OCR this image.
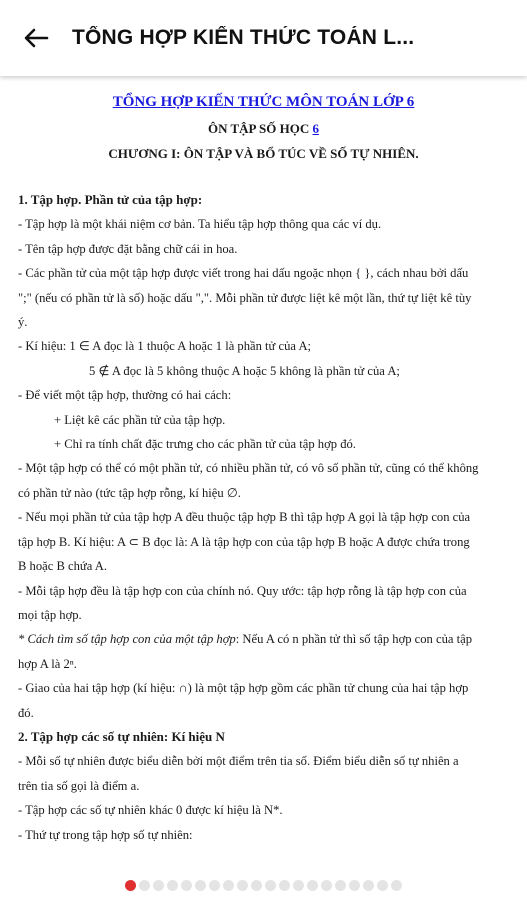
TỔNG HỢP KIẾN THỨC TOÁN L...
TỔNG HỢP KIẾN THỨC MÔN TOÁN LỚP 6
ÔN TẬP SỐ HỌC 6
CHƯƠNG I: ÔN TẬP VÀ BỔ TÚC VỀ SỐ TỰ NHIÊN.
1. Tập hợp. Phần tử của tập hợp:
- Tập hợp là một khái niệm cơ bản. Ta hiểu tập hợp thông qua các ví dụ.
- Tên tập hợp được đặt bằng chữ cái in hoa.
- Các phần tử của một tập hợp được viết trong hai dấu ngoặc nhọn { }, cách nhau bởi dấu
";" (nếu có phần tử là số) hoặc dấu ",". Mỗi phần tử được liệt kê một lần, thứ tự liệt kê tùy
ý.
- Kí hiệu: 1 ∈ A đọc là 1 thuộc A hoặc 1 là phần tử của A;
5 ∉ A đọc là 5 không thuộc A hoặc 5 không là phần tử của A;
- Để viết một tập hợp, thường có hai cách:
+ Liệt kê các phần tử của tập hợp.
+ Chỉ ra tính chất đặc trưng cho các phần tử của tập hợp đó.
- Một tập hợp có thể có một phần tử, có nhiều phần tử, có vô số phần tử, cũng có thể không
có phần tử nào (tức tập hợp rỗng, kí hiệu ∅.
- Nếu mọi phần tử của tập hợp A đều thuộc tập hợp B thì tập hợp A gọi là tập hợp con của
tập hợp B. Kí hiệu: A ⊂ B đọc là: A là tập hợp con của tập hợp B hoặc A được chứa trong
B hoặc B chứa A.
- Mỗi tập hợp đều là tập hợp con của chính nó. Quy ước: tập hợp rỗng là tập hợp con của
mọi tập hợp.
* Cách tìm số tập hợp con của một tập hợp: Nếu A có n phần tử thì số tập hợp con của tập
hợp A là 2ⁿ.
- Giao của hai tập hợp (kí hiệu: ∩) là một tập hợp gồm các phần tử chung của hai tập hợp
đó.
2. Tập hợp các số tự nhiên: Kí hiệu N
- Mỗi số tự nhiên được biểu diễn bởi một điểm trên tia số. Điểm biểu diễn số tự nhiên a
trên tia số gọi là điểm a.
- Tập hợp các số tự nhiên khác 0 được kí hiệu là N*.
- Thứ tự trong tập hợp số tự nhiên:
